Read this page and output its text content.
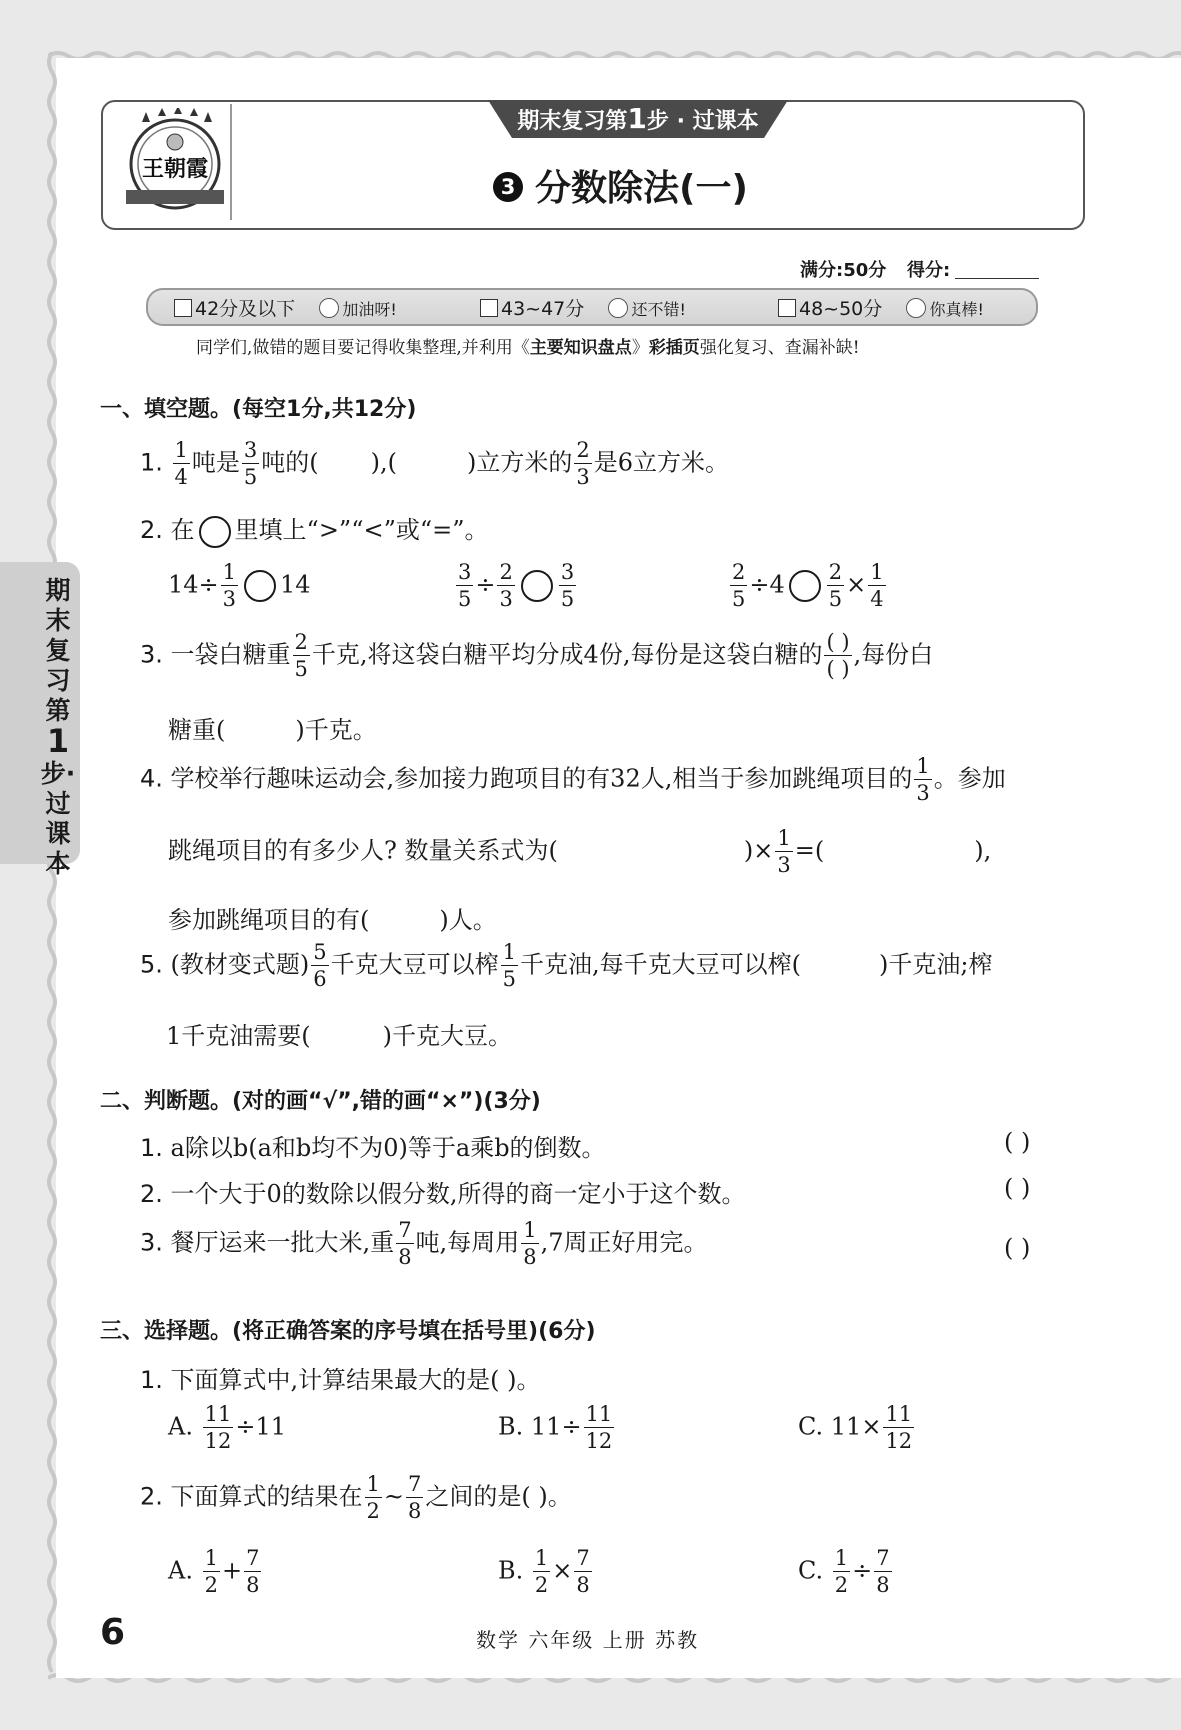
期末复习第1步·过课本
期末复习第1步 · 过课本
王朝霞
3 分数除法(一)
满分:50分 得分:
42分及以下	加油呀!	43~47分	还不错!	48~50分	你真棒!
同学们,做错的题目要记得收集整理,并利用《主要知识盘点》彩插页强化复习、查漏补缺!
一、填空题。(每空1分,共12分)
1. $\frac{1}{4}$ 吨是 $\frac{3}{5}$ 吨的( ),(	)立方米的 $\frac{2}{3}$ 是6立方米。
2. 在 里填上“>”“<”或“=”。
$14\div \frac{1}{3} 14$	$\frac{3}{5} \div \frac{2}{3} \frac{3}{5}$	$\frac{2}{5} \div 4 \frac{2}{5} \times \frac{1}{4}$
3. 一袋白糖重 $\frac{2}{5}$ 千克,将这袋白糖平均分成4份,每份是这袋白糖的 $\frac{( )}{( )}$ ,每份白
糖重(	)千克。
4. 学校举行趣味运动会,参加接力跑项目的有32人,相当于参加跳绳项目的 $\frac{1}{3}$ 。参加
跳绳项目的有多少人? 数量关系式为(	)× $\frac{1}{3}$ =(	),
参加跳绳项目的有(	)人。
5. (教材变式题) $\frac{5}{6}$ 千克大豆可以榨 $\frac{1}{5}$ 千克油,每千克大豆可以榨(	)千克油;榨
1千克油需要(	)千克大豆。
二、判断题。(对的画“√”,错的画“×”)(3分)
1. a除以b(a和b均不为0)等于a乘b的倒数。	( )
2. 一个大于0的数除以假分数,所得的商一定小于这个数。	( )
3. 餐厅运来一批大米,重 $\frac{7}{8}$ 吨,每周用 $\frac{1}{8} ,7$周正好用完。	( )
三、选择题。(将正确答案的序号填在括号里)(6分)
1. 下面算式中,计算结果最大的是( )。
A. $\frac{11}{12} \div 11$	B. $11\div \frac{11}{12}$	C. $11\times \frac{11}{12}$
2. 下面算式的结果在 $\frac{1}{2}$ ~ $\frac{7}{8}$ 之间的是( )。
A. $\frac{1}{2} + \frac{7}{8}$	B. $\frac{1}{2} \times \frac{7}{8}$	C. $\frac{1}{2} \div \frac{7}{8}$
6	数学 六年级 上册 苏教
